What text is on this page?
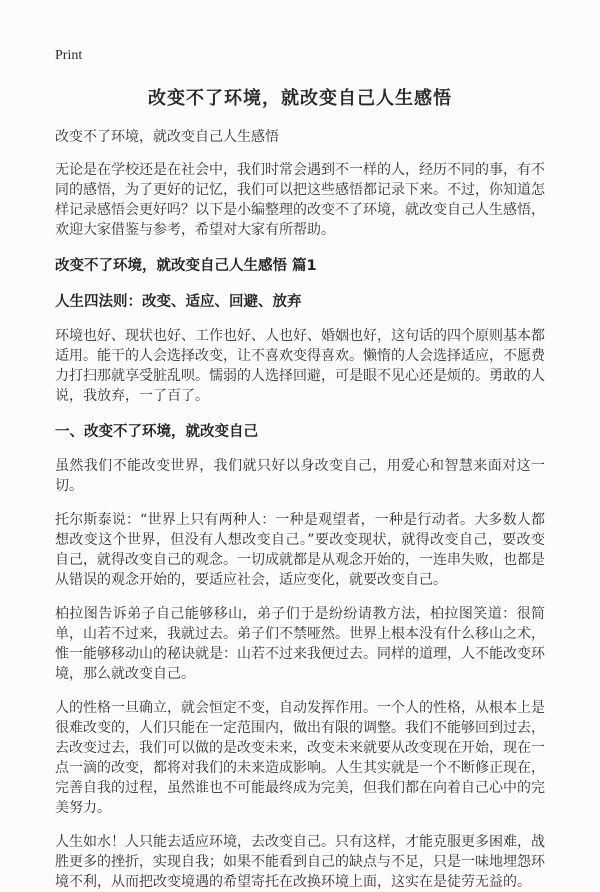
Print
改变不了环境，就改变自己人生感悟
改变不了环境，就改变自己人生感悟

无论是在学校还是在社会中，我们时常会遇到不一样的人，经历不同的事，有不同的感悟，为了更好的记忆，我们可以把这些感悟都记录下来。不过，你知道怎样记录感悟会更好吗？以下是小编整理的改变不了环境，就改变自己人生感悟，欢迎大家借鉴与参考，希望对大家有所帮助。

改变不了环境，就改变自己人生感悟 篇1
人生四法则：改变、适应、回避、放弃

环境也好、现状也好、工作也好、人也好、婚姻也好，这句话的四个原则基本都适用。能干的人会选择改变，让不喜欢变得喜欢。懒惰的人会选择适应，不愿费力打扫那就享受脏乱呗。懦弱的人选择回避，可是眼不见心还是烦的。勇敢的人说，我放弃，一了百了。

一、改变不了环境，就改变自己

虽然我们不能改变世界，我们就只好以身改变自己，用爱心和智慧来面对这一切。

托尔斯泰说：“世界上只有两种人：一种是观望者，一种是行动者。大多数人都想改变这个世界，但没有人想改变自己。”要改变现状，就得改变自己，要改变自己，就得改变自己的观念。一切成就都是从观念开始的，一连串失败，也都是从错误的观念开始的，要适应社会，适应变化，就要改变自己。

柏拉图告诉弟子自己能够移山，弟子们于是纷纷请教方法，柏拉图笑道：很简单，山若不过来，我就过去。弟子们不禁哑然。世界上根本没有什么移山之术，惟一能够移动山的秘诀就是：山若不过来我便过去。同样的道理，人不能改变环境，那么就改变自己。

人的性格一旦确立，就会恒定不变，自动发挥作用。一个人的性格，从根本上是很难改变的，人们只能在一定范围内，做出有限的调整。我们不能够回到过去，去改变过去，我们可以做的是改变未来，改变未来就要从改变现在开始，现在一点一滴的改变，都将对我们的未来造成影响。人生其实就是一个不断修正现在，完善自我的过程，虽然谁也不可能最终成为完美，但我们都在向着自己心中的完美努力。

人生如水！人只能去适应环境，去改变自己。只有这样，才能克服更多困难，战胜更多的挫折，实现自我；如果不能看到自己的缺点与不足，只是一味地埋怨环境不利，从而把改变境遇的希望寄托在改换环境上面，这实在是徒劳无益的。
